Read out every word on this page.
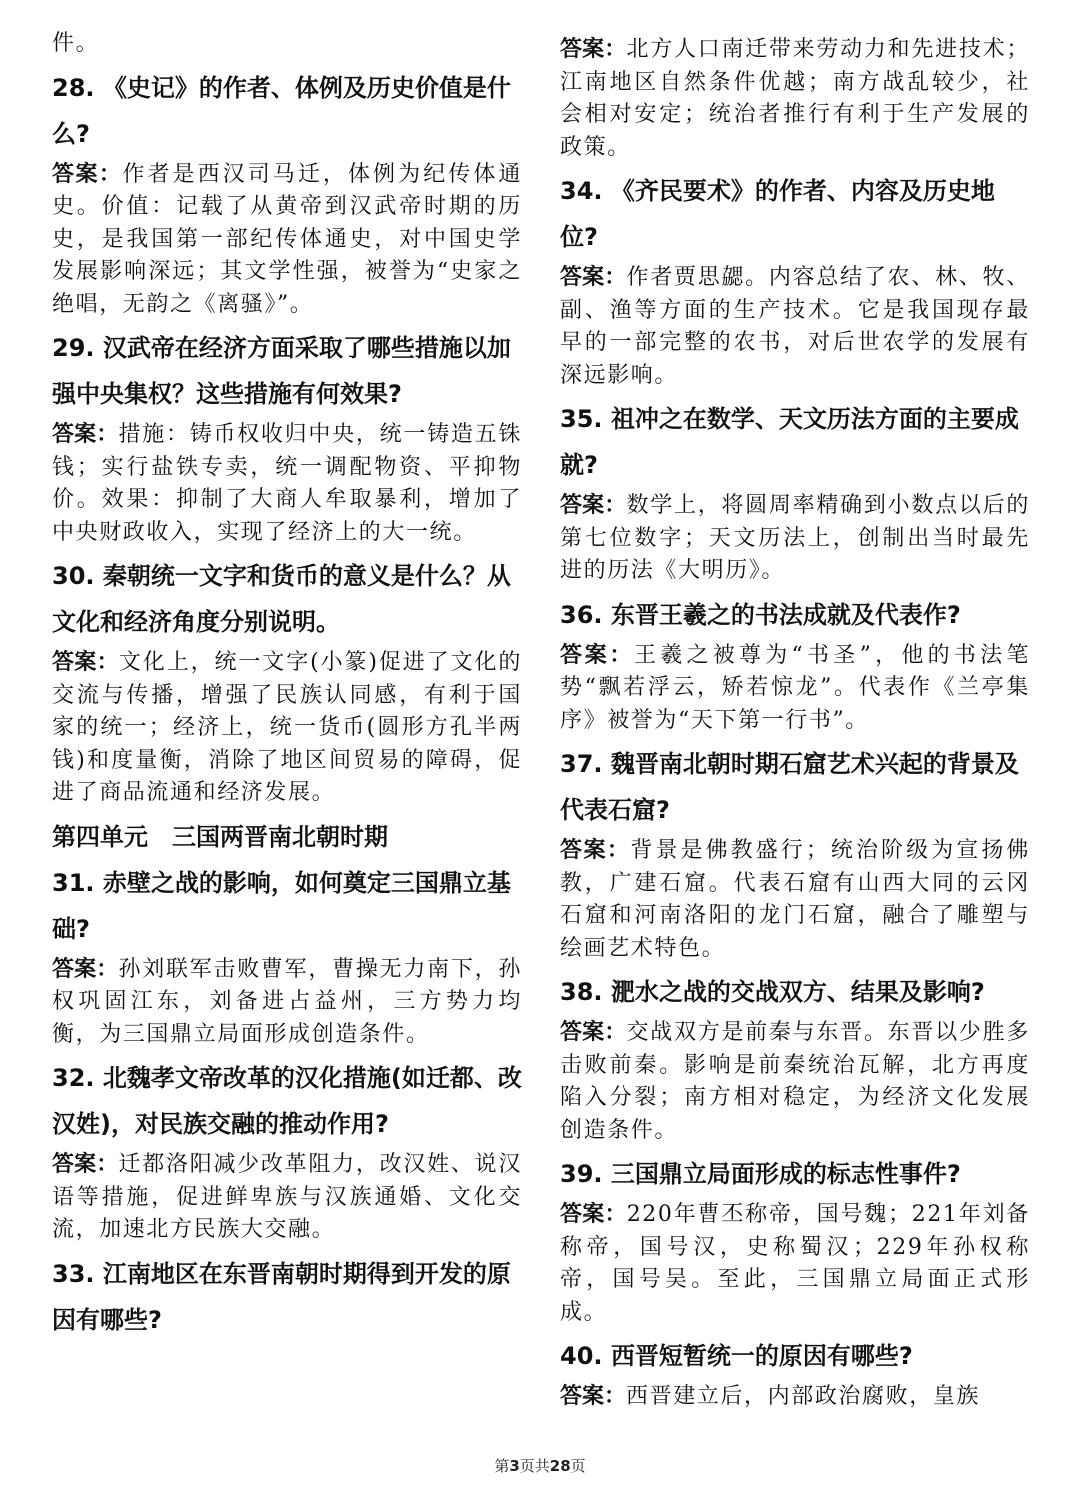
件。

28. 《史记》的作者、体例及历史价值是什么?

答案：作者是西汉司马迁，体例为纪传体通史。价值：记载了从黄帝到汉武帝时期的历史，是我国第一部纪传体通史，对中国史学发展影响深远；其文学性强，被誉为“史家之绝唱，无韵之《离骚》”。

29. 汉武帝在经济方面采取了哪些措施以加强中央集权？这些措施有何效果?

答案：措施：铸币权收归中央，统一铸造五铢钱；实行盐铁专卖，统一调配物资、平抑物价。效果：抑制了大商人牟取暴利，增加了中央财政收入，实现了经济上的大一统。

30. 秦朝统一文字和货币的意义是什么？从文化和经济角度分别说明。

答案：文化上，统一文字(小篆)促进了文化的交流与传播，增强了民族认同感，有利于国家的统一；经济上，统一货币(圆形方孔半两钱)和度量衡，消除了地区间贸易的障碍，促进了商品流通和经济发展。

第四单元　三国两晋南北朝时期

31. 赤壁之战的影响，如何奠定三国鼎立基础?

答案：孙刘联军击败曹军，曹操无力南下，孙权巩固江东，刘备进占益州，三方势力均衡，为三国鼎立局面形成创造条件。

32. 北魏孝文帝改革的汉化措施(如迁都、改汉姓)，对民族交融的推动作用?

答案：迁都洛阳减少改革阻力，改汉姓、说汉语等措施，促进鲜卑族与汉族通婚、文化交流，加速北方民族大交融。

33. 江南地区在东晋南朝时期得到开发的原因有哪些?

答案：北方人口南迁带来劳动力和先进技术；江南地区自然条件优越；南方战乱较少，社会相对安定；统治者推行有利于生产发展的政策。

34. 《齐民要术》的作者、内容及历史地位?

答案：作者贾思勰。内容总结了农、林、牧、副、渔等方面的生产技术。它是我国现存最早的一部完整的农书，对后世农学的发展有深远影响。

35. 祖冲之在数学、天文历法方面的主要成就?

答案：数学上，将圆周率精确到小数点以后的第七位数字；天文历法上，创制出当时最先进的历法《大明历》。

36. 东晋王羲之的书法成就及代表作?

答案：王羲之被尊为“书圣”，他的书法笔势“飘若浮云，矫若惊龙”。代表作《兰亭集序》被誉为“天下第一行书”。

37. 魏晋南北朝时期石窟艺术兴起的背景及代表石窟?

答案：背景是佛教盛行；统治阶级为宣扬佛教，广建石窟。代表石窟有山西大同的云冈石窟和河南洛阳的龙门石窟，融合了雕塑与绘画艺术特色。

38. 淝水之战的交战双方、结果及影响?

答案：交战双方是前秦与东晋。东晋以少胜多击败前秦。影响是前秦统治瓦解，北方再度陷入分裂；南方相对稳定，为经济文化发展创造条件。

39. 三国鼎立局面形成的标志性事件?

答案：220年曹丕称帝，国号魏；221年刘备称帝，国号汉，史称蜀汉；229年孙权称帝，国号吴。至此，三国鼎立局面正式形成。

40. 西晋短暂统一的原因有哪些?

答案：西晋建立后，内部政治腐败，皇族

第3页共28页
